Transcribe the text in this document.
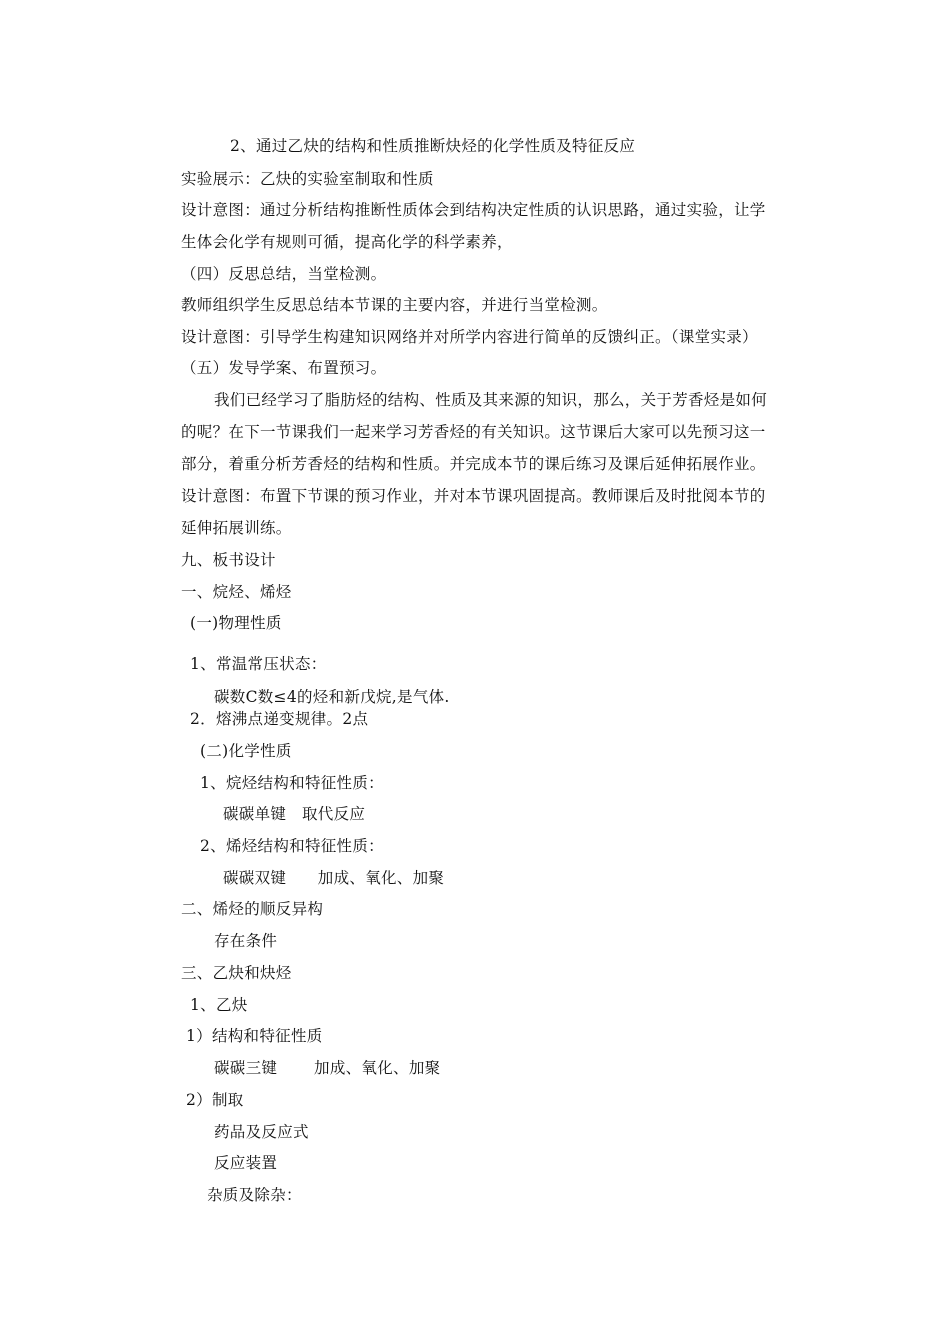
2、通过乙炔的结构和性质推断炔烃的化学性质及特征反应
实验展示：乙炔的实验室制取和性质
设计意图：通过分析结构推断性质体会到结构决定性质的认识思路，通过实验，让学
生体会化学有规则可循，提高化学的科学素养，
（四）反思总结，当堂检测。
教师组织学生反思总结本节课的主要内容，并进行当堂检测。
设计意图：引导学生构建知识网络并对所学内容进行简单的反馈纠正。（课堂实录）
（五）发导学案、布置预习。
我们已经学习了脂肪烃的结构、性质及其来源的知识，那么，关于芳香烃是如何
的呢？在下一节课我们一起来学习芳香烃的有关知识。这节课后大家可以先预习这一
部分，着重分析芳香烃的结构和性质。并完成本节的课后练习及课后延伸拓展作业。
设计意图：布置下节课的预习作业，并对本节课巩固提高。教师课后及时批阅本节的
延伸拓展训练。
九、板书设计
一、烷烃、烯烃
(一)物理性质
1、常温常压状态：
碳数C数≤4的烃和新戊烷,是气体.
2．熔沸点递变规律。2点
(二)化学性质
1、烷烃结构和特征性质：
碳碳单键　取代反应
2、烯烃结构和特征性质：
碳碳双键　　加成、氧化、加聚
二、烯烃的顺反异构
存在条件
三、乙炔和炔烃
1、乙炔
1）结构和特征性质
碳碳三键　　 加成、氧化、加聚
2）制取
药品及反应式
反应装置
杂质及除杂：
